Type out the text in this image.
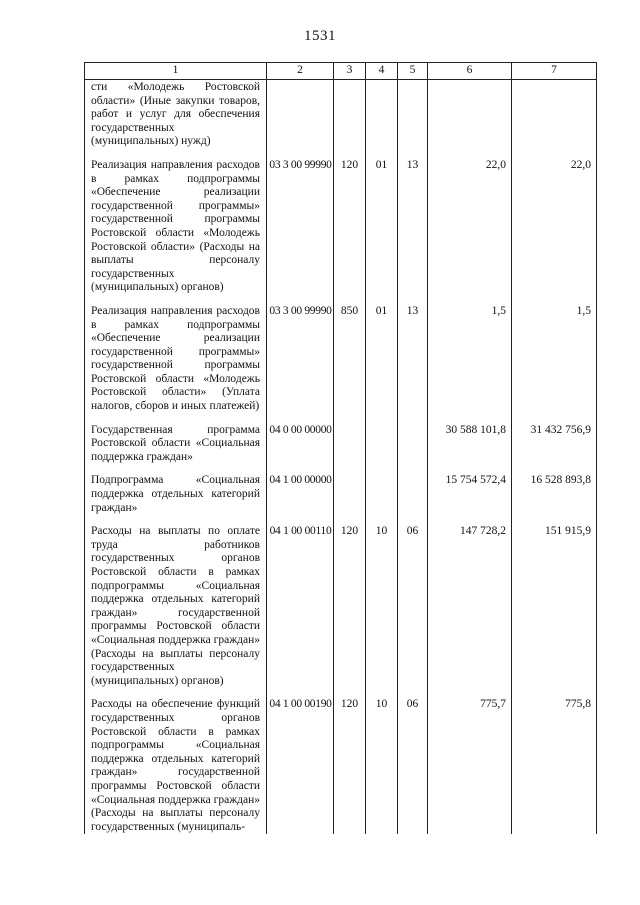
1531
1	2	3	4	5	6	7
сти «Молодежь Ростовской области» (Иные закупки товаров, работ и услуг для обеспечения государственных (муниципальных) нужд)						
Реализация направления расходов в рамках подпрограммы «Обеспечение реализации государственной программы» государственной программы Ростовской области «Молодежь Ростовской области» (Расходы на выплаты персоналу государственных (муниципальных) органов)	03 3 00 99990	120	01	13	22,0	22,0
Реализация направления расходов в рамках подпрограммы «Обеспечение реализации государственной программы» государственной программы Ростовской области «Молодежь Ростовской области» (Уплата налогов, сборов и иных платежей)	03 3 00 99990	850	01	13	1,5	1,5
Государственная программа Ростовской области «Социальная поддержка граждан»	04 0 00 00000				30 588 101,8	31 432 756,9
Подпрограмма «Социальная поддержка отдельных категорий граждан»	04 1 00 00000				15 754 572,4	16 528 893,8
Расходы на выплаты по оплате труда работников государственных органов Ростовской области в рамках подпрограммы «Социальная поддержка отдельных категорий граждан» государственной программы Ростовской области «Социальная поддержка граждан» (Расходы на выплаты персоналу государственных (муниципальных) органов)	04 1 00 00110	120	10	06	147 728,2	151 915,9
Расходы на обеспечение функций государственных органов Ростовской области в рамках подпрограммы «Социальная поддержка отдельных категорий граждан» государственной программы Ростовской области «Социальная поддержка граждан» (Расходы на выплаты персоналу государственных (муниципаль-	04 1 00 00190	120	10	06	775,7	775,8
